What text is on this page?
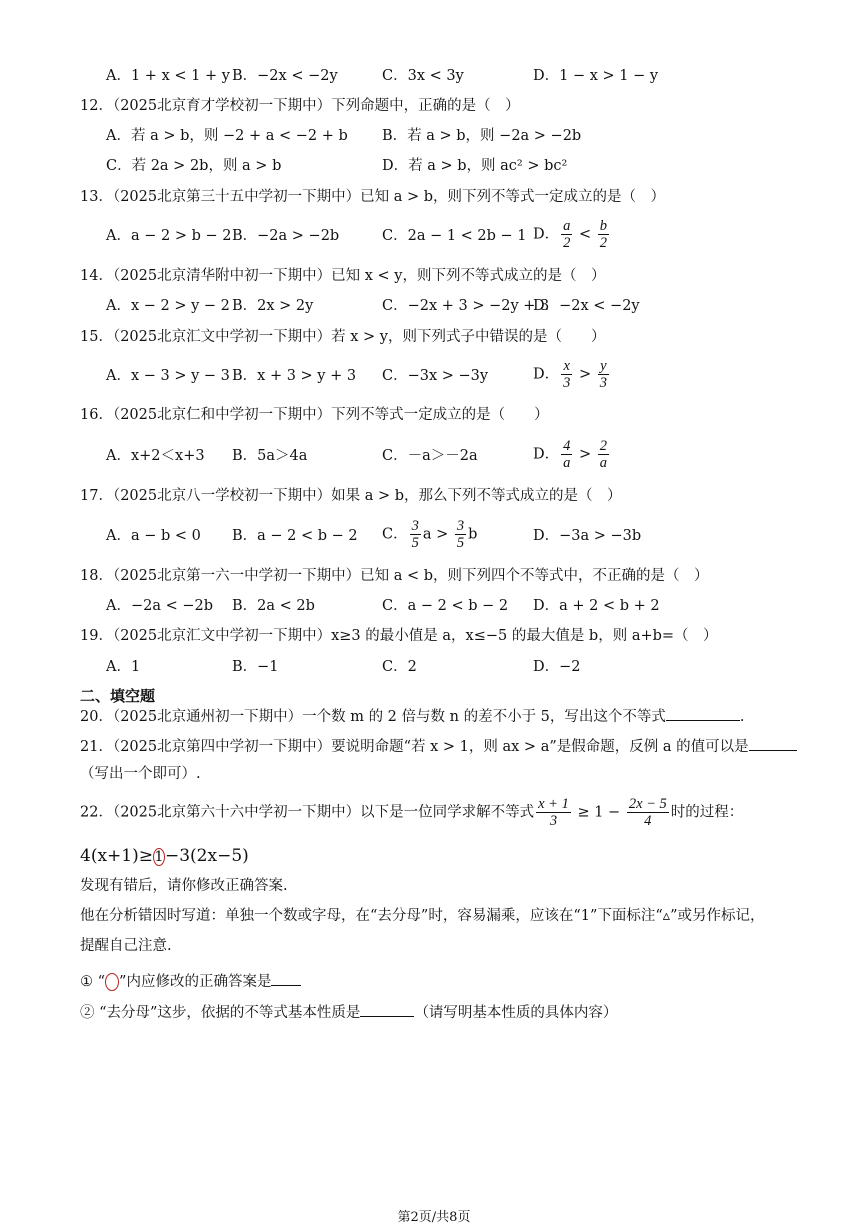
A．1 + x < 1 + y B．−2x < −2y	C．3x < 3y	D．1 − x > 1 − y
12．（2025北京育才学校初一下期中）下列命题中，正确的是（　）
A．若 a > b，则 −2 + a < −2 + b B．若 a > b，则 −2a > −2b
C．若 2a > 2b，则 a > b	D．若 a > b，则 ac² > bc²
13．（2025北京第三十五中学初一下期中）已知 a > b，则下列不等式一定成立的是（　）
A．a − 2 > b − 2 B．−2a > −2b	C．2a − 1 < 2b − 1 D． $\frac{a}{2} < \frac{b}{2}$
14．（2025北京清华附中初一下期中）已知 x < y，则下列不等式成立的是（　）
A．x − 2 > y − 2 B．2x > 2y	C．−2x + 3 > −2y + 3
D．−2x < −2y
15．（2025北京汇文中学初一下期中）若 x > y，则下列式子中错误的是（　　）
A．x − 3 > y − 3 B．x + 3 > y + 3 C．−3x > −3y	D． $\frac{x}{3} > \frac{y}{3}$
16．（2025北京仁和中学初一下期中）下列不等式一定成立的是（　　）
A．x+2＜x+3 B．5a＞4a	C．－a＞－2a	D． $\frac{4}{a} > \frac{2}{a}$
17．（2025北京八一学校初一下期中）如果 a > b，那么下列不等式成立的是（　）
A．a − b < 0 B．a − 2 < b − 2 C． $\frac{3}{5}$ $a > \frac{3}{5}$ b	D．−3a > −3b
18．（2025北京第一六一中学初一下期中）已知 a < b，则下列四个不等式中，不正确的是（　）
A．−2a < −2b B．2a < 2b	C．a − 2 < b − 2 D．a + 2 < b + 2
19．（2025北京汇文中学初一下期中）x≥3 的最小值是 a，x≤−5 的最大值是 b，则 a+b=（　）
A．1	B．−1	C．2	D．−2
二、填空题
20．（2025北京通州初一下期中）一个数 m 的 2 倍与数 n 的差不小于 5，写出这个不等式	.
21．（2025北京第四中学初一下期中）要说明命题“若 x > 1，则 ax > a”是假命题，反例 a 的值可以是
（写出一个即可）.
22．（2025北京第六十六中学初一下期中）以下是一位同学求解不等式 $\frac{x + 1}{3} \ge 1 - \frac{2x - 5}{4}$ 时的过程：
4(x+1)≥ 1−3(2x−5)
发现有错后，请你修改正确答案.
他在分析错因时写道：单独一个数或字母，在“去分母”时，容易漏乘，应该在“1”下面标注“▵”或另作标记，
提醒自己注意.
① “○”内应修改的正确答案是
② “去分母”这步，依据的不等式基本性质是	（请写明基本性质的具体内容）
第2页/共8页
